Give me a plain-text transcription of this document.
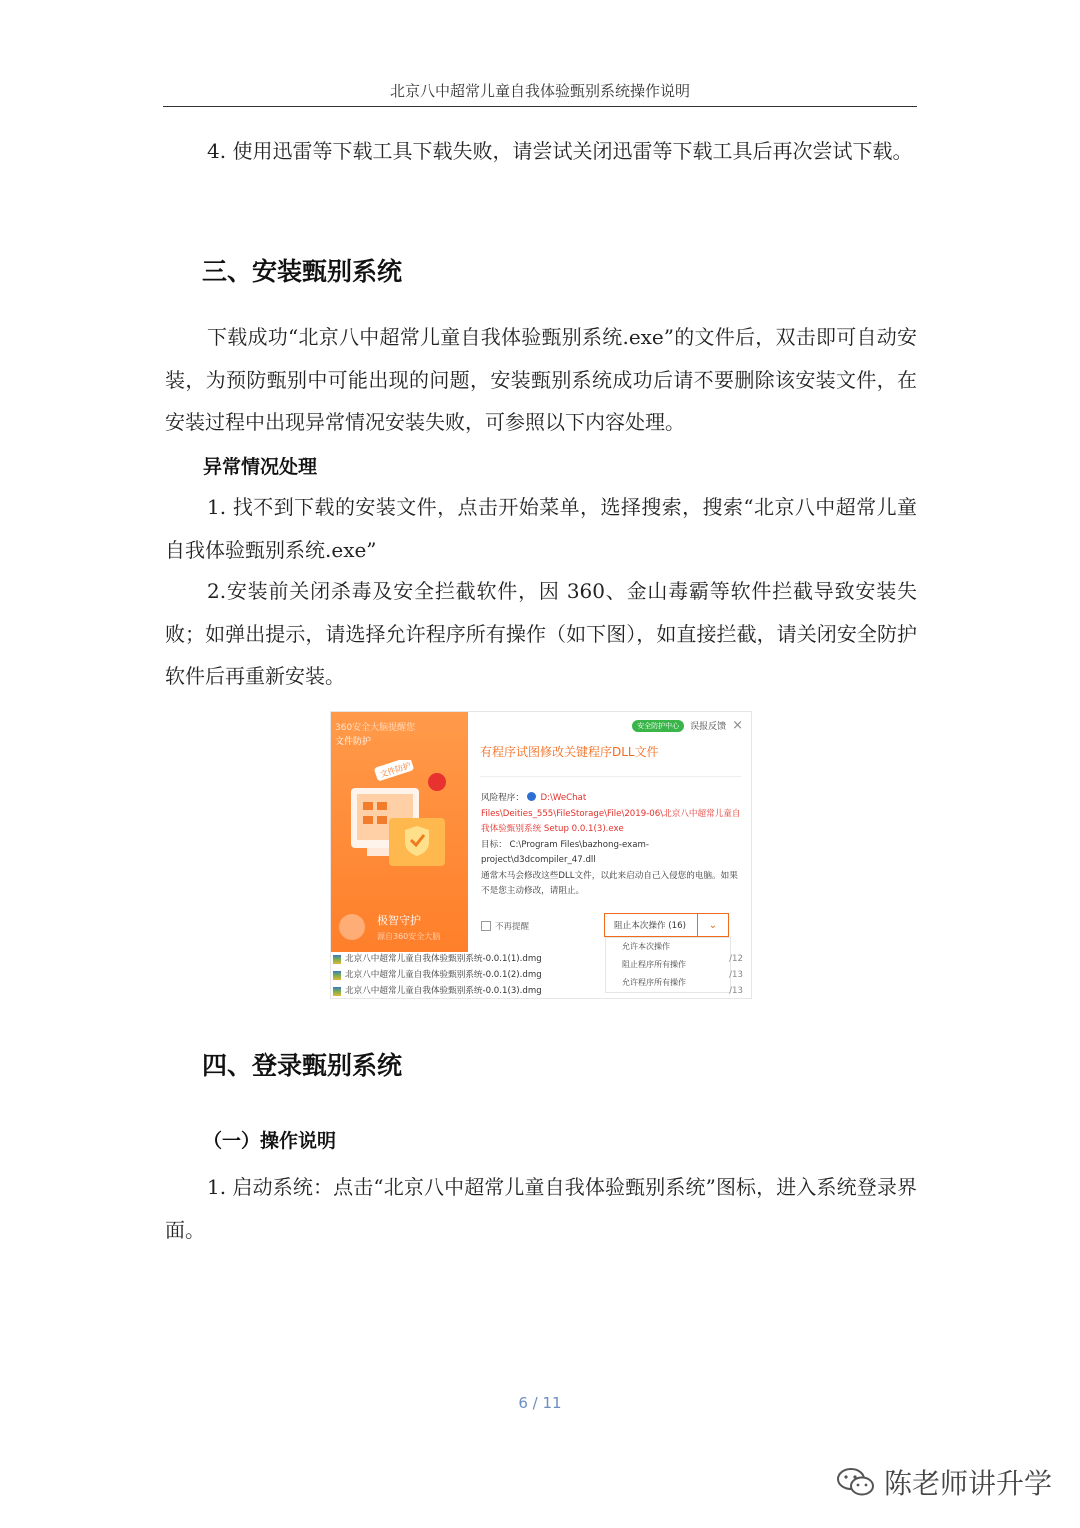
北京八中超常儿童自我体验甄别系统操作说明

4. 使用迅雷等下载工具下载失败，请尝试关闭迅雷等下载工具后再次尝试下载。

三、安装甄别系统

下载成功“北京八中超常儿童自我体验甄别系统.exe”的文件后，双击即可自动安装，为预防甄别中可能出现的问题，安装甄别系统成功后请不要删除该安装文件，在安装过程中出现异常情况安装失败，可参照以下内容处理。

异常情况处理

1. 找不到下载的安装文件，点击开始菜单，选择搜索，搜索“北京八中超常儿童自我体验甄别系统.exe”

2.安装前关闭杀毒及安全拦截软件，因 360、金山毒霸等软件拦截导致安装失败；如弹出提示，请选择允许程序所有操作（如下图），如直接拦截，请关闭安全防护软件后再重新安装。

360安全大脑提醒您
文件防护
文件防护
极智守护
源自360安全大脑
安全防护中心	误报反馈 ×
有程序试图修改关键程序DLL文件
风险程序： D:\WeChat Files\Deities_555\FileStorage\File\2019-06\北京八中超常儿童自我体验甄别系统 Setup 0.0.1(3).exe
目标： C:\Program Files\bazhong-exam-project\d3dcompiler_47.dll
通常木马会修改这些DLL文件，以此来启动自己入侵您的电脑。如果不是您主动修改，请阻止。
不再提醒	阻止本次操作 (16)	⌄
允许本次操作
阻止程序所有操作
允许程序所有操作
北京八中超常儿童自我体验甄别系统-0.0.1(1).dmg	/12
北京八中超常儿童自我体验甄别系统-0.0.1(2).dmg	/13
北京八中超常儿童自我体验甄别系统-0.0.1(3).dmg	/13
四、登录甄别系统
（一）操作说明

1. 启动系统：点击“北京八中超常儿童自我体验甄别系统”图标，进入系统登录界面。

6 / 11
陈老师讲升学
